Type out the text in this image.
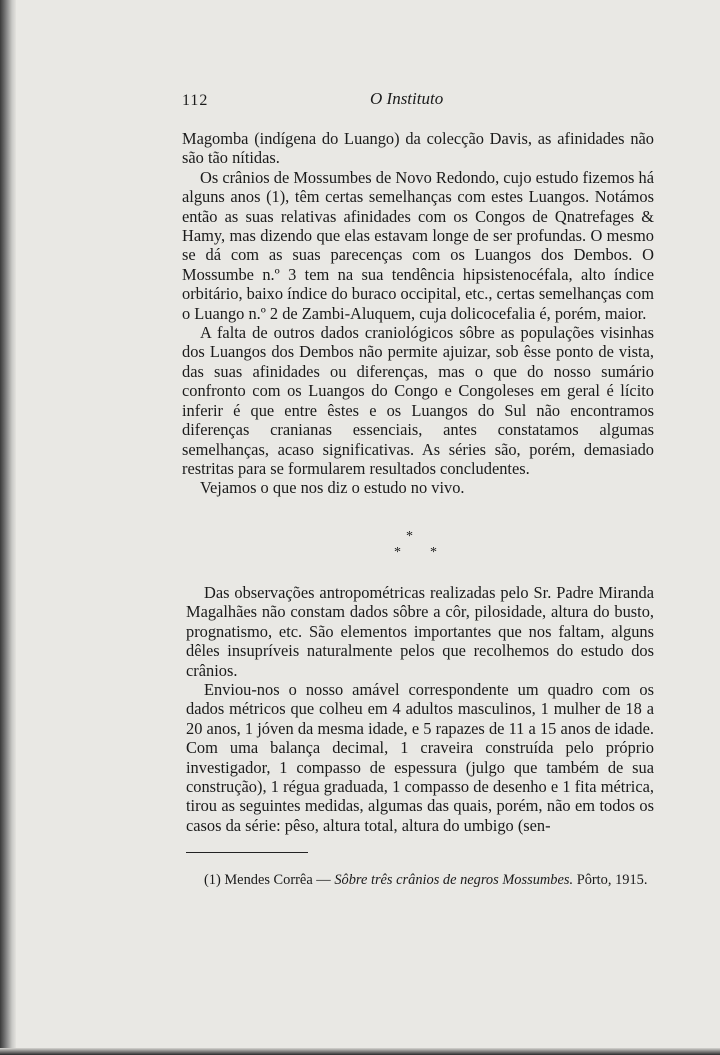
112	O Instituto

Magomba (indígena do Luango) da colecção Davis, as afinidades não são tão nítidas.

Os crânios de Mossumbes de Novo Redondo, cujo estudo fizemos há alguns anos (1), têm certas semelhanças com estes Luangos. Notámos então as suas relativas afinidades com os Congos de Qnatrefages & Hamy, mas dizendo que elas estavam longe de ser profundas. O mesmo se dá com as suas parecenças com os Luangos dos Dembos. O Mossumbe n.º 3 tem na sua tendência hipsistenocéfala, alto índice orbitário, baixo índice do buraco occipital, etc., certas semelhanças com o Luango n.º 2 de Zambi-Aluquem, cuja dolicocefalia é, porém, maior.

A falta de outros dados craniológicos sôbre as populações visinhas dos Luangos dos Dembos não permite ajuizar, sob êsse ponto de vista, das suas afinidades ou diferenças, mas o que do nosso sumário confronto com os Luangos do Congo e Congoleses em geral é lícito inferir é que entre êstes e os Luangos do Sul não encontramos diferenças cranianas essenciais, antes constatamos algumas semelhanças, acaso significativas. As séries são, porém, demasiado restritas para se formularem resultados concludentes.

Vejamos o que nos diz o estudo no vivo.

*
* *

Das observações antropométricas realizadas pelo Sr. Padre Miranda Magalhães não constam dados sôbre a côr, pilosidade, altura do busto, prognatismo, etc. São elementos importantes que nos faltam, alguns dêles insupríveis naturalmente pelos que recolhemos do estudo dos crânios.

Enviou-nos o nosso amável correspondente um quadro com os dados métricos que colheu em 4 adultos masculinos, 1 mulher de 18 a 20 anos, 1 jóven da mesma idade, e 5 rapazes de 11 a 15 anos de idade. Com uma balança decimal, 1 craveira construída pelo próprio investigador, 1 compasso de espessura (julgo que também de sua construção), 1 régua graduada, 1 compasso de desenho e 1 fita métrica, tirou as seguintes medidas, algumas das quais, porém, não em todos os casos da série: pêso, altura total, altura do umbigo (sen-

(1) Mendes Corrêa — Sôbre três crânios de negros Mossumbes. Pôrto, 1915.
